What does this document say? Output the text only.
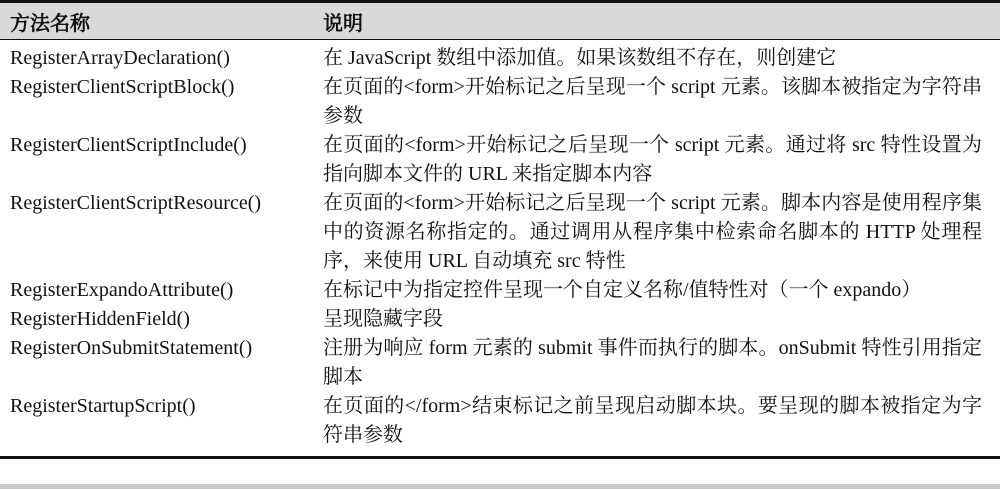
方法名称	说明
RegisterArrayDeclaration()	在 JavaScript 数组中添加值。如果该数组不存在，则创建它
RegisterClientScriptBlock()	在页面的<form>开始标记之后呈现一个 script 元素。该脚本被指定为字符串参数
RegisterClientScriptInclude()	在页面的<form>开始标记之后呈现一个 script 元素。通过将 src 特性设置为指向脚本文件的 URL 来指定脚本内容
RegisterClientScriptResource()	在页面的<form>开始标记之后呈现一个 script 元素。脚本内容是使用程序集中的资源名称指定的。通过调用从程序集中检索命名脚本的 HTTP 处理程序，来使用 URL 自动填充 src 特性
RegisterExpandoAttribute()	在标记中为指定控件呈现一个自定义名称/值特性对（一个 expando）
RegisterHiddenField()	呈现隐藏字段
RegisterOnSubmitStatement()	注册为响应 form 元素的 submit 事件而执行的脚本。onSubmit 特性引用指定脚本
RegisterStartupScript()	在页面的</form>结束标记之前呈现启动脚本块。要呈现的脚本被指定为字符串参数
